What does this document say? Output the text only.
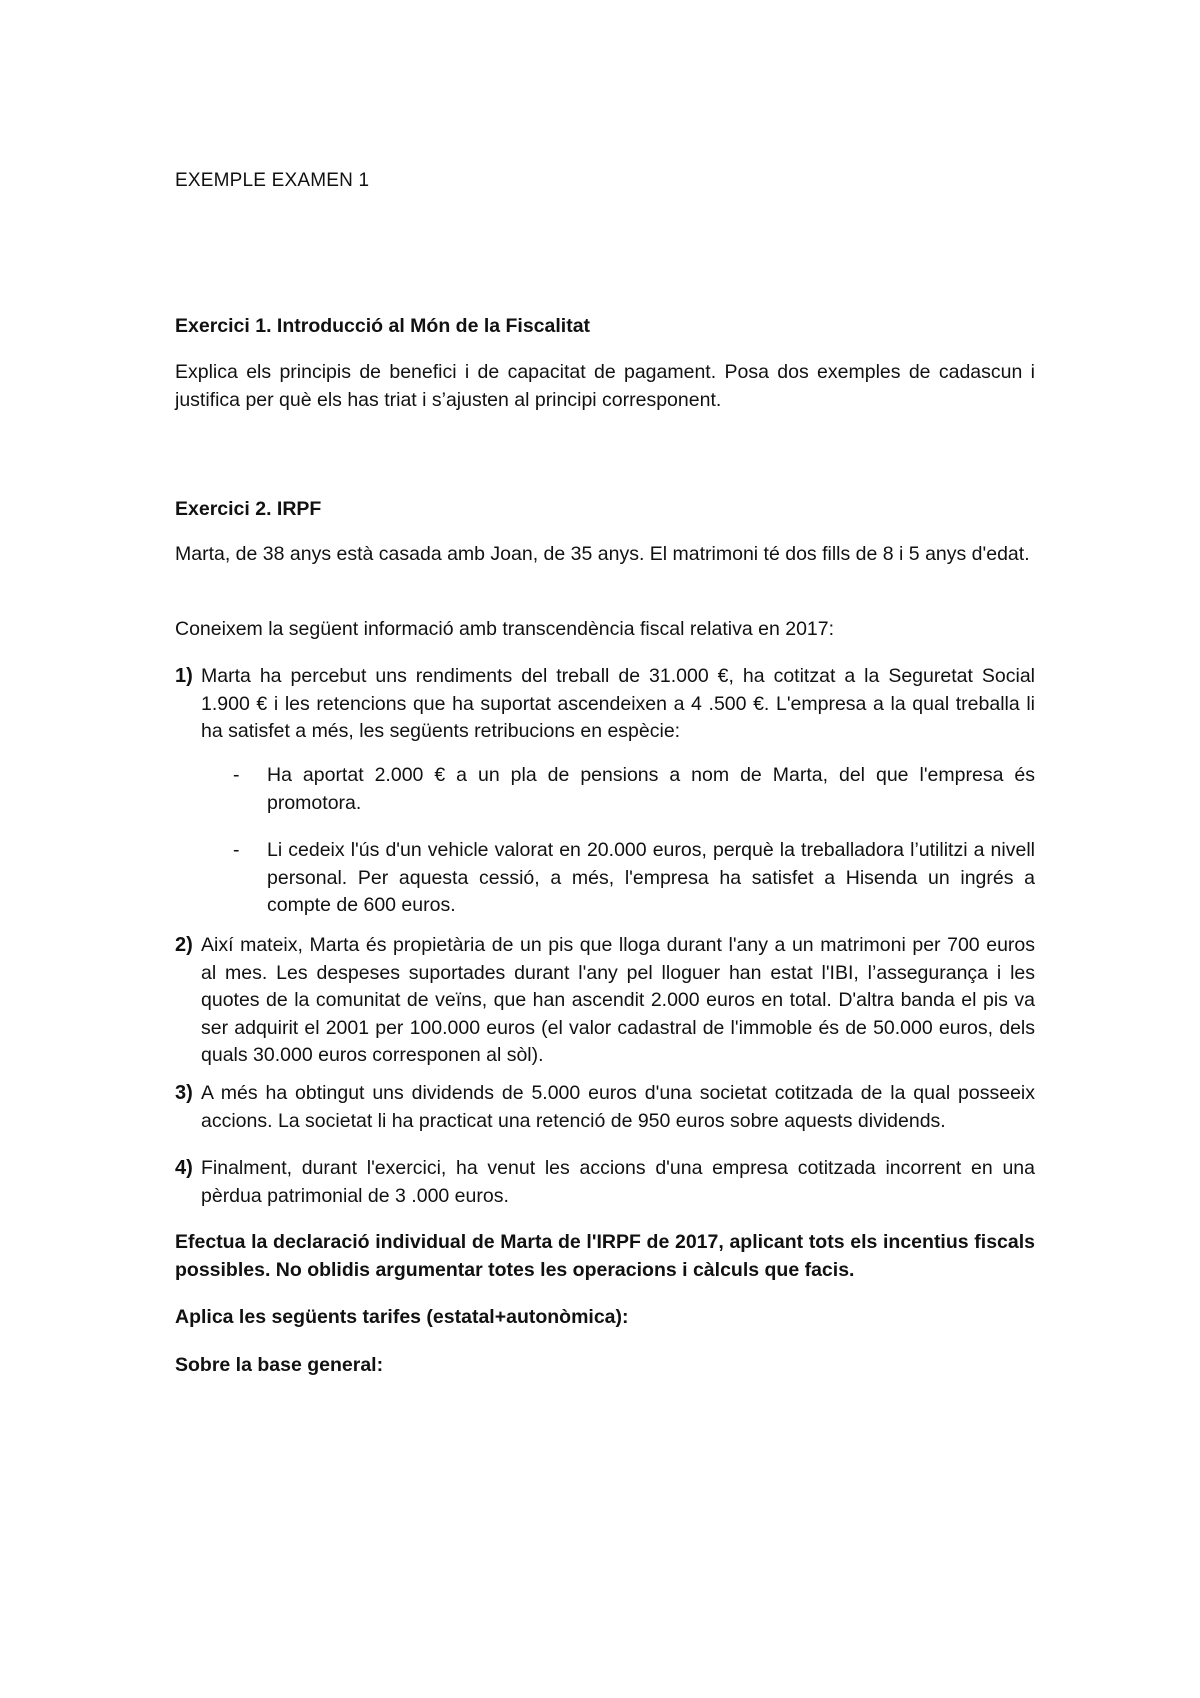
EXEMPLE EXAMEN 1
Exercici 1. Introducció al Món de la Fiscalitat
Explica els principis de benefici i de capacitat de pagament. Posa dos exemples de cadascun i justifica per què els has triat i s’ajusten al principi corresponent.
Exercici 2. IRPF
Marta, de 38 anys està casada amb Joan, de 35 anys. El matrimoni té dos fills de 8 i 5 anys d'edat.
Coneixem la següent informació amb transcendència fiscal relativa en 2017:
1) Marta ha percebut uns rendiments del treball de 31.000 €, ha cotitzat a la Seguretat Social 1.900 € i les retencions que ha suportat ascendeixen a 4 .500 €. L'empresa a la qual treballa li ha satisfet a més, les següents retribucions en espècie:
- Ha aportat 2.000 € a un pla de pensions a nom de Marta, del que l'empresa és promotora.
- Li cedeix l'ús d'un vehicle valorat en 20.000 euros, perquè la treballadora l’utilitzi a nivell personal. Per aquesta cessió, a més, l'empresa ha satisfet a Hisenda un ingrés a compte de 600 euros.
2) Així mateix, Marta és propietària de un pis que lloga durant l'any a un matrimoni per 700 euros al mes. Les despeses suportades durant l'any pel lloguer han estat l'IBI, l’assegurança i les quotes de la comunitat de veïns, que han ascendit 2.000 euros en total. D'altra banda el pis va ser adquirit el 2001 per 100.000 euros (el valor cadastral de l'immoble és de 50.000 euros, dels quals 30.000 euros corresponen al sòl).
3) A més ha obtingut uns dividends de 5.000 euros d'una societat cotitzada de la qual posseeix accions. La societat li ha practicat una retenció de 950 euros sobre aquests dividends.
4) Finalment, durant l'exercici, ha venut les accions d'una empresa cotitzada incorrent en una pèrdua patrimonial de 3 .000 euros.
Efectua la declaració individual de Marta de l'IRPF de 2017, aplicant tots els incentius fiscals possibles. No oblidis argumentar totes les operacions i càlculs que facis.
Aplica les següents tarifes (estatal+autonòmica):
Sobre la base general:
